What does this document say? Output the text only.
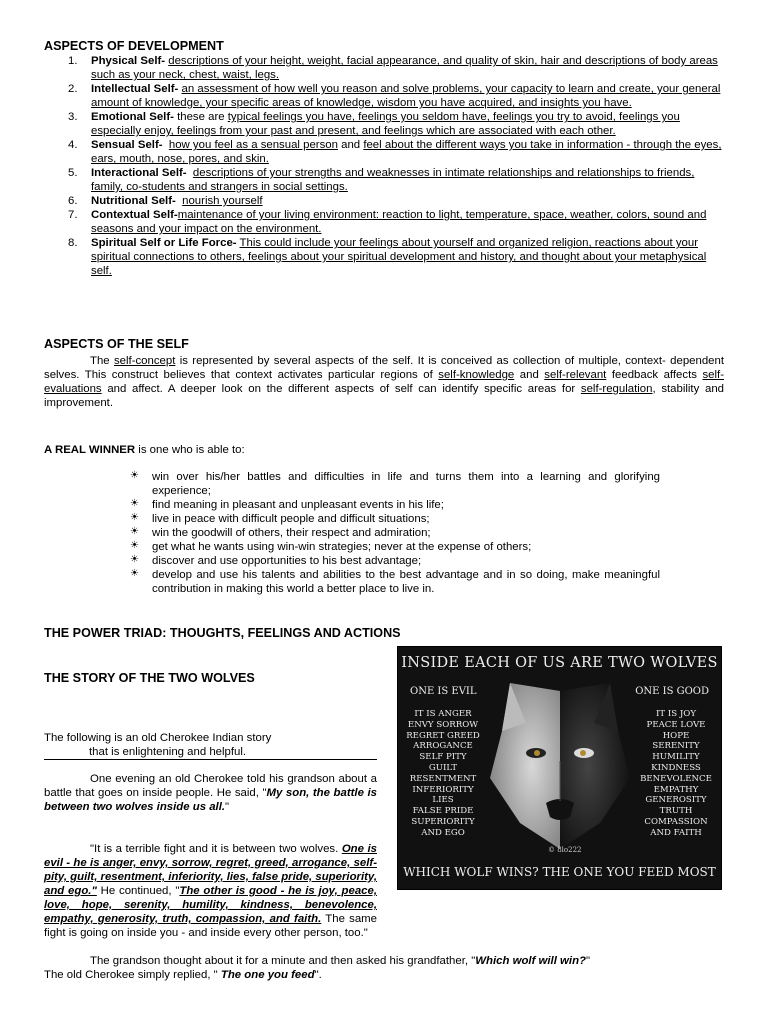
ASPECTS OF DEVELOPMENT
1. Physical Self- descriptions of your height, weight, facial appearance, and quality of skin, hair and descriptions of body areas such as your neck, chest, waist, legs.
2. Intellectual Self- an assessment of how well you reason and solve problems, your capacity to learn and create, your general amount of knowledge, your specific areas of knowledge, wisdom you have acquired, and insights you have.
3. Emotional Self- these are typical feelings you have, feelings you seldom have, feelings you try to avoid, feelings you especially enjoy, feelings from your past and present, and feelings which are associated with each other.
4. Sensual Self- how you feel as a sensual person and feel about the different ways you take in information - through the eyes, ears, mouth, nose, pores, and skin.
5. Interactional Self- descriptions of your strengths and weaknesses in intimate relationships and relationships to friends, family, co-students and strangers in social settings.
6. Nutritional Self- nourish yourself
7. Contextual Self-maintenance of your living environment: reaction to light, temperature, space, weather, colors, sound and seasons and your impact on the environment.
8. Spiritual Self or Life Force- This could include your feelings about yourself and organized religion, reactions about your spiritual connections to others, feelings about your spiritual development and history, and thought about your metaphysical self.
ASPECTS OF THE SELF

The self-concept is represented by several aspects of the self. It is conceived as collection of multiple, context- dependent selves. This construct believes that context activates particular regions of self-knowledge and self-relevant feedback affects self-evaluations and affect. A deeper look on the different aspects of self can identify specific areas for self-regulation, stability and improvement.

A REAL WINNER is one who is able to:

☀ win over his/her battles and difficulties in life and turns them into a learning and glorifying experience;
☀ find meaning in pleasant and unpleasant events in his life;
☀ live in peace with difficult people and difficult situations;
☀ win the goodwill of others, their respect and admiration;
☀ get what he wants using win-win strategies; never at the expense of others;
☀ discover and use opportunities to his best advantage;
☀ develop and use his talents and abilities to the best advantage and in so doing, make meaningful contribution in making this world a better place to live in.
THE POWER TRIAD: THOUGHTS, FEELINGS AND ACTIONS
THE STORY OF THE TWO WOLVES

The following is an old Cherokee Indian story
that is enlightening and helpful.

One evening an old Cherokee told his grandson about a battle that goes on inside people. He said, "My son, the battle is between two wolves inside us all."

"It is a terrible fight and it is between two wolves. One is evil - he is anger, envy, sorrow, regret, greed, arrogance, self-pity, guilt, resentment, inferiority, lies, false pride, superiority, and ego." He continued, "The other is good - he is joy, peace, love, hope, serenity, humility, kindness, benevolence, empathy, generosity, truth, compassion, and faith. The same fight is going on inside you - and inside every other person, too."

The grandson thought about it for a minute and then asked his grandfather, "Which wolf will win?"
The old Cherokee simply replied, " The one you feed".

INSIDE EACH OF US ARE TWO WOLVES
ONE IS EVIL	ONE IS GOOD
IT IS ANGER
ENVY SORROW
REGRET GREED
ARROGANCE
SELF PITY
GUILT
RESENTMENT
INFERIORITY
LIES
FALSE PRIDE
SUPERIORITY
AND EGO
IT IS JOY
PEACE LOVE
HOPE
SERENITY
HUMILITY
KINDNESS
BENEVOLENCE
EMPATHY
GENEROSITY
TRUTH
COMPASSION
AND FAITH
© 8lo222
WHICH WOLF WINS? THE ONE YOU FEED MOST
